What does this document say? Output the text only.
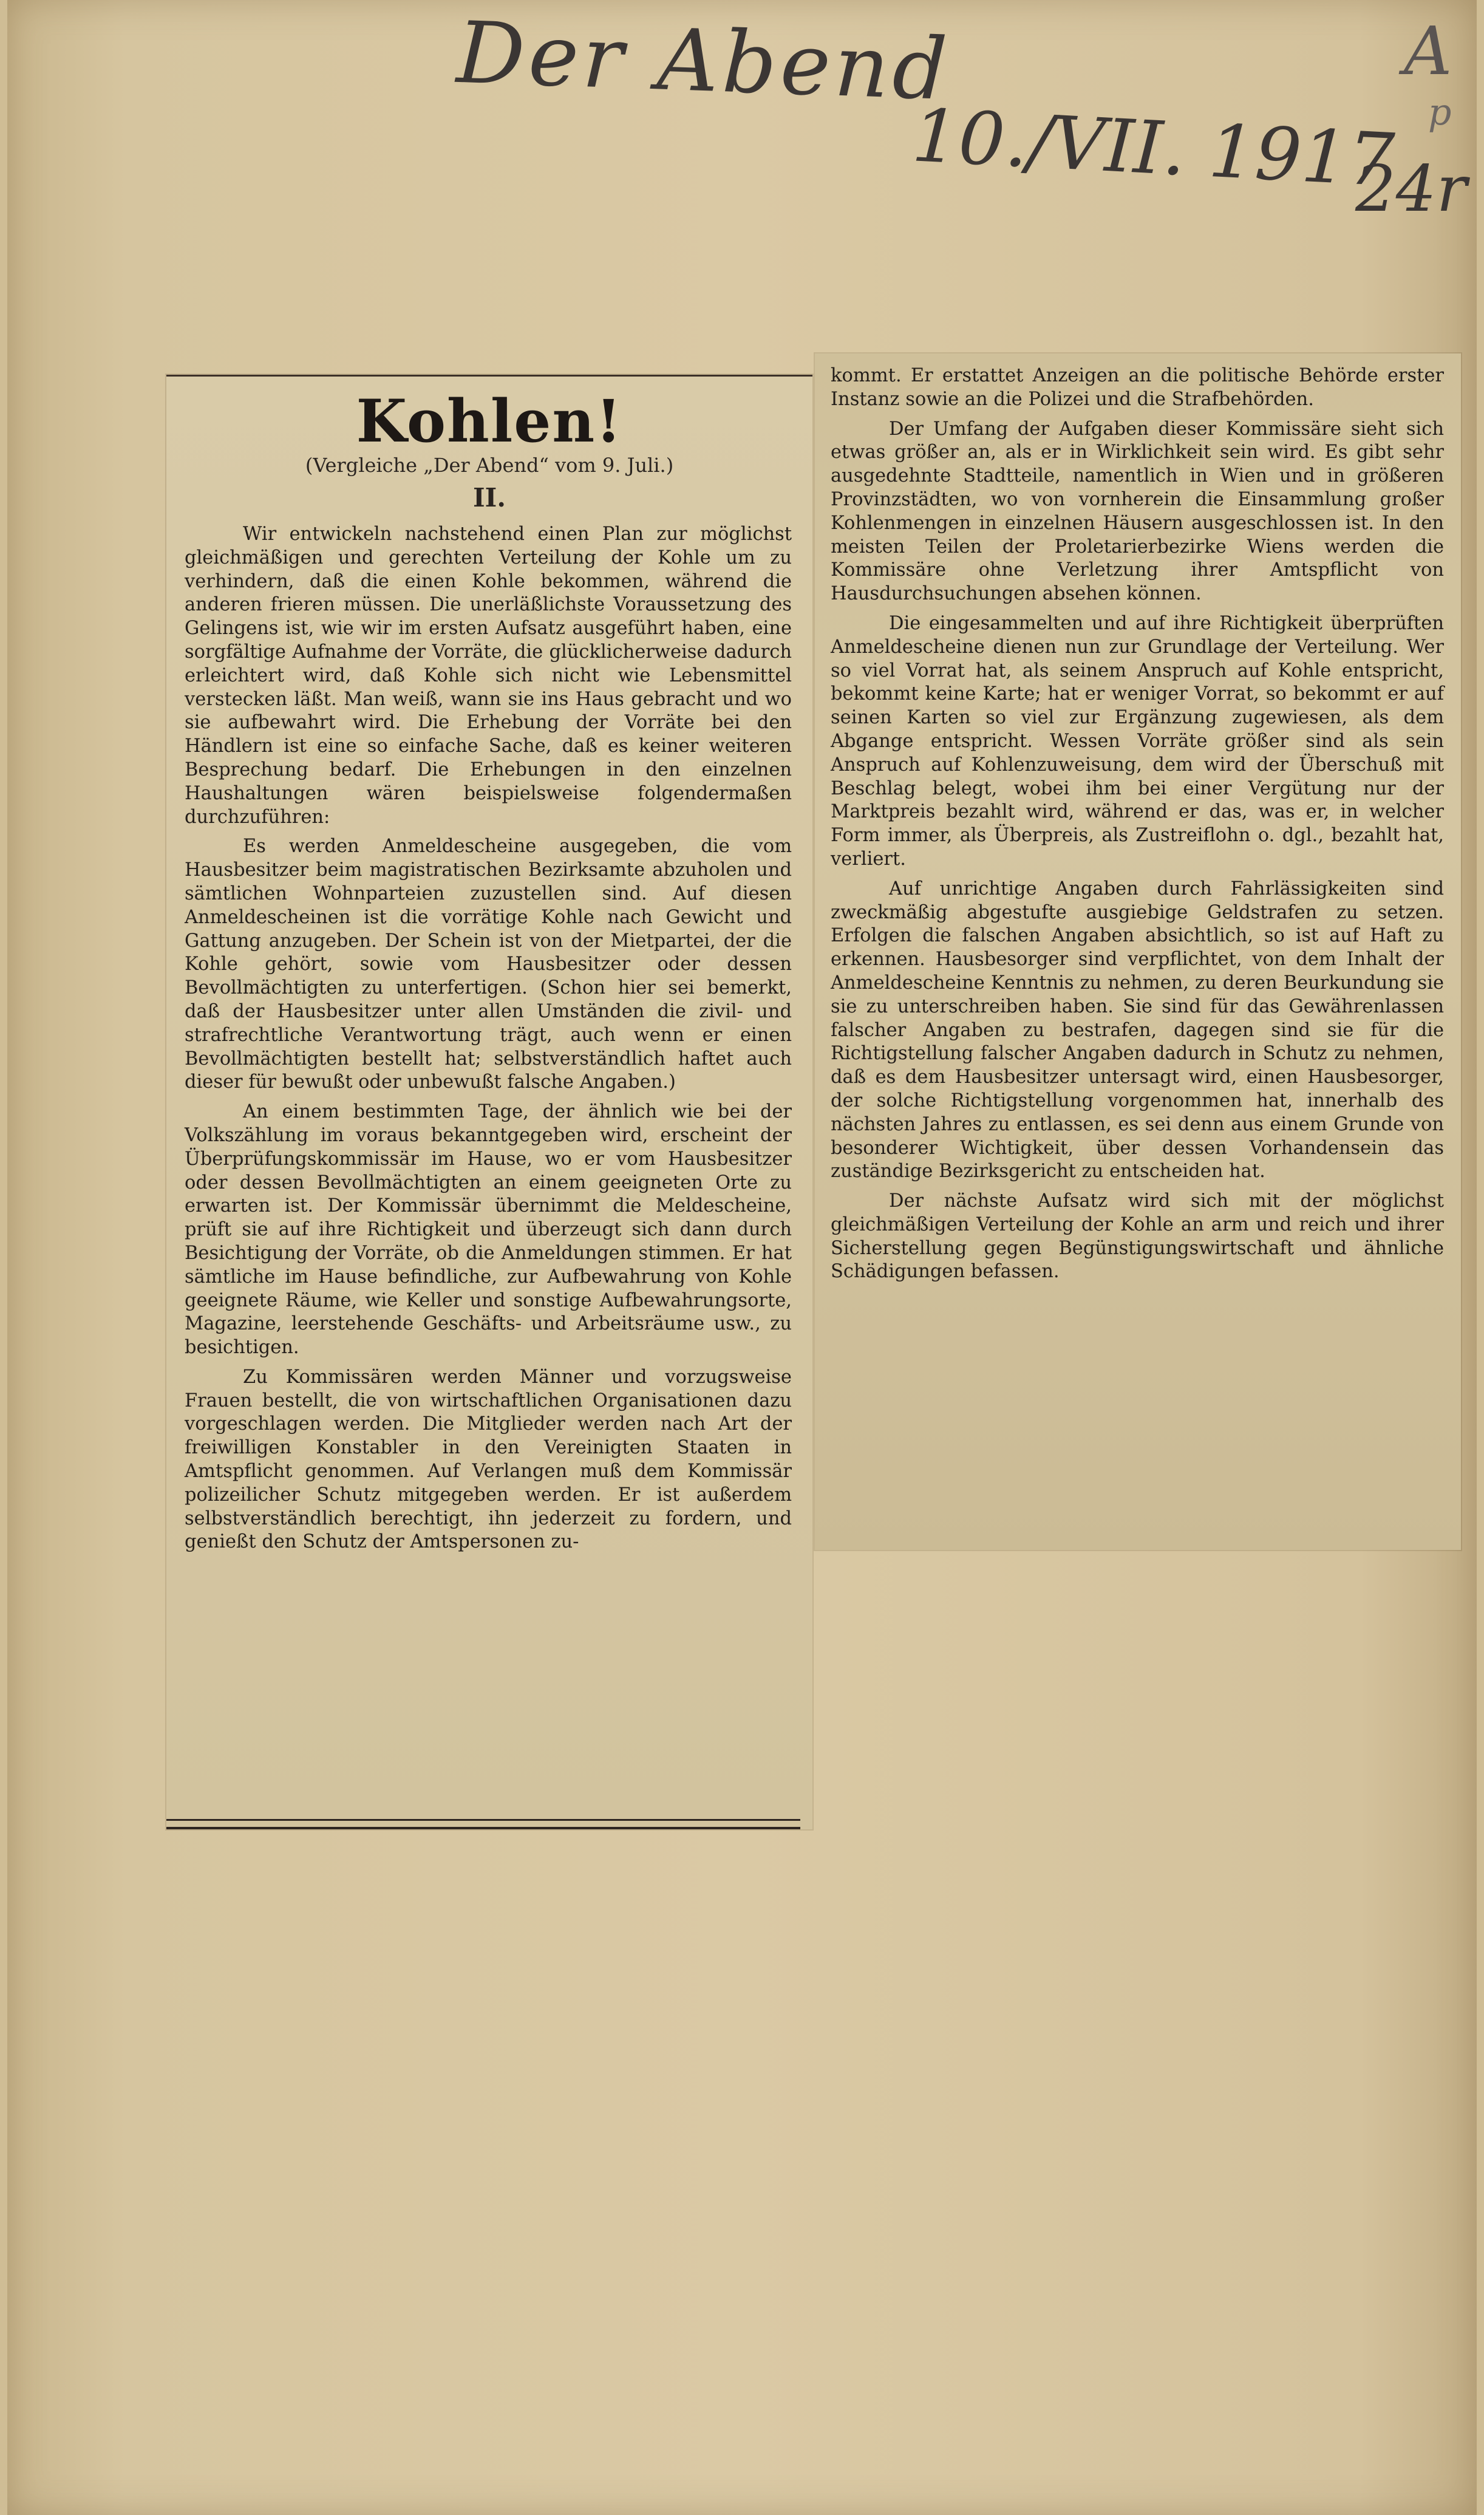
Der Abend
10./VII. 1917
24r
A
p
Kohlen!
(Vergleiche „Der Abend“ vom 9. Juli.)
II.

Wir entwickeln nachstehend einen Plan zur möglichst gleichmäßigen und gerechten Verteilung der Kohle um zu verhindern, daß die einen Kohle bekommen, während die anderen frieren müssen. Die unerläßlichste Voraussetzung des Gelingens ist, wie wir im ersten Aufsatz ausgeführt haben, eine sorgfältige Aufnahme der Vorräte, die glücklicherweise dadurch erleichtert wird, daß Kohle sich nicht wie Lebensmittel verstecken läßt. Man weiß, wann sie ins Haus gebracht und wo sie aufbewahrt wird. Die Erhebung der Vorräte bei den Händlern ist eine so einfache Sache, daß es keiner weiteren Besprechung bedarf. Die Erhebungen in den einzelnen Haushaltungen wären beispielsweise folgendermaßen durchzuführen:

Es werden Anmeldescheine ausgegeben, die vom Hausbesitzer beim magistratischen Bezirksamte abzuholen und sämtlichen Wohnparteien zuzustellen sind. Auf diesen Anmeldescheinen ist die vorrätige Kohle nach Gewicht und Gattung anzugeben. Der Schein ist von der Mietpartei, der die Kohle gehört, sowie vom Hausbesitzer oder dessen Bevollmächtigten zu unterfertigen. (Schon hier sei bemerkt, daß der Hausbesitzer unter allen Umständen die zivil- und strafrechtliche Verantwortung trägt, auch wenn er einen Bevollmächtigten bestellt hat; selbstverständlich haftet auch dieser für bewußt oder unbewußt falsche Angaben.)

An einem bestimmten Tage, der ähnlich wie bei der Volkszählung im voraus bekanntgegeben wird, erscheint der Überprüfungskommissär im Hause, wo er vom Hausbesitzer oder dessen Bevollmächtigten an einem geeigneten Orte zu erwarten ist. Der Kommissär übernimmt die Meldescheine, prüft sie auf ihre Richtigkeit und überzeugt sich dann durch Besichtigung der Vorräte, ob die Anmeldungen stimmen. Er hat sämtliche im Hause befindliche, zur Aufbewahrung von Kohle geeignete Räume, wie Keller und sonstige Aufbewahrungsorte, Magazine, leerstehende Geschäfts- und Arbeitsräume usw., zu besichtigen.

Zu Kommissären werden Männer und vorzugsweise Frauen bestellt, die von wirtschaftlichen Organisationen dazu vorgeschlagen werden. Die Mitglieder werden nach Art der freiwilligen Konstabler in den Vereinigten Staaten in Amtspflicht genommen. Auf Verlangen muß dem Kommissär polizeilicher Schutz mitgegeben werden. Er ist außerdem selbstverständlich berechtigt, ihn jederzeit zu fordern, und genießt den Schutz der Amtspersonen zu-

kommt. Er erstattet Anzeigen an die politische Behörde erster Instanz sowie an die Polizei und die Strafbehörden.

Der Umfang der Aufgaben dieser Kommissäre sieht sich etwas größer an, als er in Wirklichkeit sein wird. Es gibt sehr ausgedehnte Stadtteile, namentlich in Wien und in größeren Provinzstädten, wo von vornherein die Einsammlung großer Kohlenmengen in einzelnen Häusern ausgeschlossen ist. In den meisten Teilen der Proletarierbezirke Wiens werden die Kommissäre ohne Verletzung ihrer Amtspflicht von Hausdurchsuchungen absehen können.

Die eingesammelten und auf ihre Richtigkeit überprüften Anmeldescheine dienen nun zur Grundlage der Verteilung. Wer so viel Vorrat hat, als seinem Anspruch auf Kohle entspricht, bekommt keine Karte; hat er weniger Vorrat, so bekommt er auf seinen Karten so viel zur Ergänzung zugewiesen, als dem Abgange entspricht. Wessen Vorräte größer sind als sein Anspruch auf Kohlenzuweisung, dem wird der Überschuß mit Beschlag belegt, wobei ihm bei einer Vergütung nur der Marktpreis bezahlt wird, während er das, was er, in welcher Form immer, als Überpreis, als Zustreiflohn o. dgl., bezahlt hat, verliert.

Auf unrichtige Angaben durch Fahrlässigkeiten sind zweckmäßig abgestufte ausgiebige Geldstrafen zu setzen. Erfolgen die falschen Angaben absichtlich, so ist auf Haft zu erkennen. Hausbesorger sind verpflichtet, von dem Inhalt der Anmeldescheine Kenntnis zu nehmen, zu deren Beurkundung sie sie zu unterschreiben haben. Sie sind für das Gewährenlassen falscher Angaben zu bestrafen, dagegen sind sie für die Richtigstellung falscher Angaben dadurch in Schutz zu nehmen, daß es dem Hausbesitzer untersagt wird, einen Hausbesorger, der solche Richtigstellung vorgenommen hat, innerhalb des nächsten Jahres zu entlassen, es sei denn aus einem Grunde von besonderer Wichtigkeit, über dessen Vorhandensein das zuständige Bezirksgericht zu entscheiden hat.

Der nächste Aufsatz wird sich mit der möglichst gleichmäßigen Verteilung der Kohle an arm und reich und ihrer Sicherstellung gegen Begünstigungswirtschaft und ähnliche Schädigungen befassen.
